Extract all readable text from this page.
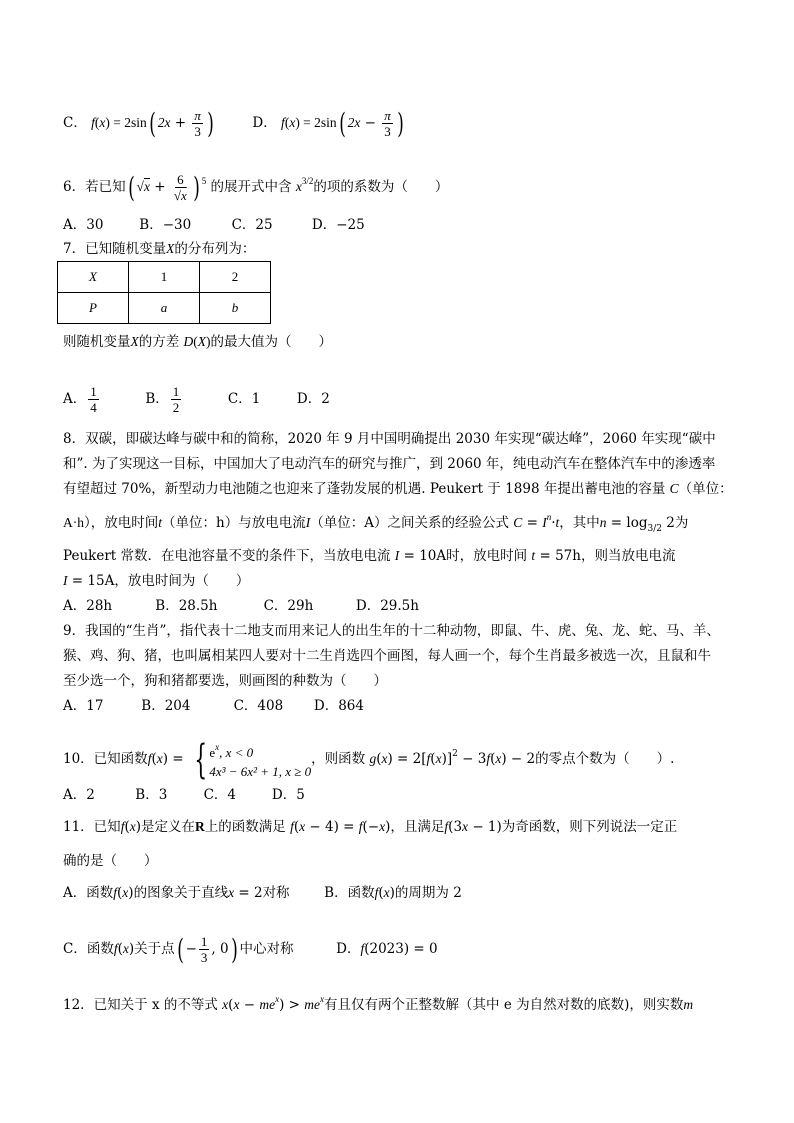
C． f(x) = 2sin( $2x + \frac{\pi}{3}$ )	D． f(x) = 2sin( $2x - \frac{\pi}{3}$ )
6．若已知( $√x + \frac{6}{√x}$ ) $^5$ 的展开式中含 $x^{3/2}$的项的系数为（　　）
A．30	B．−30	C．25	D．−25
7．已知随机变量X的分布列为：
X	1	2
P	a	b
则随机变量X的方差 D(X)的最大值为（　　）
A． $\frac{1}{4}$	B． $\frac{1}{2}$	C．1	D．2
8．双碳，即碳达峰与碳中和的简称，2020 年 9 月中国明确提出 2030 年实现“碳达峰”，2060 年实现“碳中
和”. 为了实现这一目标，中国加大了电动汽车的研究与推广，到 2060 年，纯电动汽车在整体汽车中的渗透率
有望超过 70%，新型动力电池随之也迎来了蓬勃发展的机遇. Peukert 于 1898 年提出蓄电池的容量 C（单位：
A·h），放电时间t（单位：h）与放电电流I（单位：A）之间关系的经验公式 $C = I^n\cdot t$，其中$n = \log_{3/2} 2$为
Peukert 常数．在电池容量不变的条件下，当放电电流 I = 10A时，放电时间 t = 57h，则当放电电流
I = 15A，放电时间为（　　）
A．28h	B．28.5h	C．29h	D．29.5h
9．我国的“生肖”，指代表十二地支而用来记人的出生年的十二种动物，即鼠、牛、虎、兔、龙、蛇、马、羊、
猴、鸡、狗、猪，也叫属相某四人要对十二生肖选四个画图，每人画一个，每个生肖最多被选一次，且鼠和牛
至少选一个，狗和猪都要选，则画图的种数为（　　）
A．17	B．204	C．408 D．864
10．已知函数f(x) = { $e^x$, x < 0
4x³ − 6x² + 1, x ≥ 0
，则函数 $g(x) = 2[f(x)]^2 - 3f(x) - 2$的零点个数为（　　）.
A．2	B．3	C．4	D．5
11．已知f(x)是定义在R上的函数满足 f(x − 4) = f(−x)，且满足f(3x − 1)为奇函数，则下列说法一定正
确的是（　　）
A．函数f(x)的图象关于直线x = 2对称	B．函数f(x)的周期为 2
C．函数f(x)关于点( − $\frac{1}{3}$ , 0) 中心对称	D．f(2023) = 0
12．已知关于 x 的不等式 $x(x - me^x) > me^x$有且仅有两个正整数解（其中 e 为自然对数的底数)，则实数m
